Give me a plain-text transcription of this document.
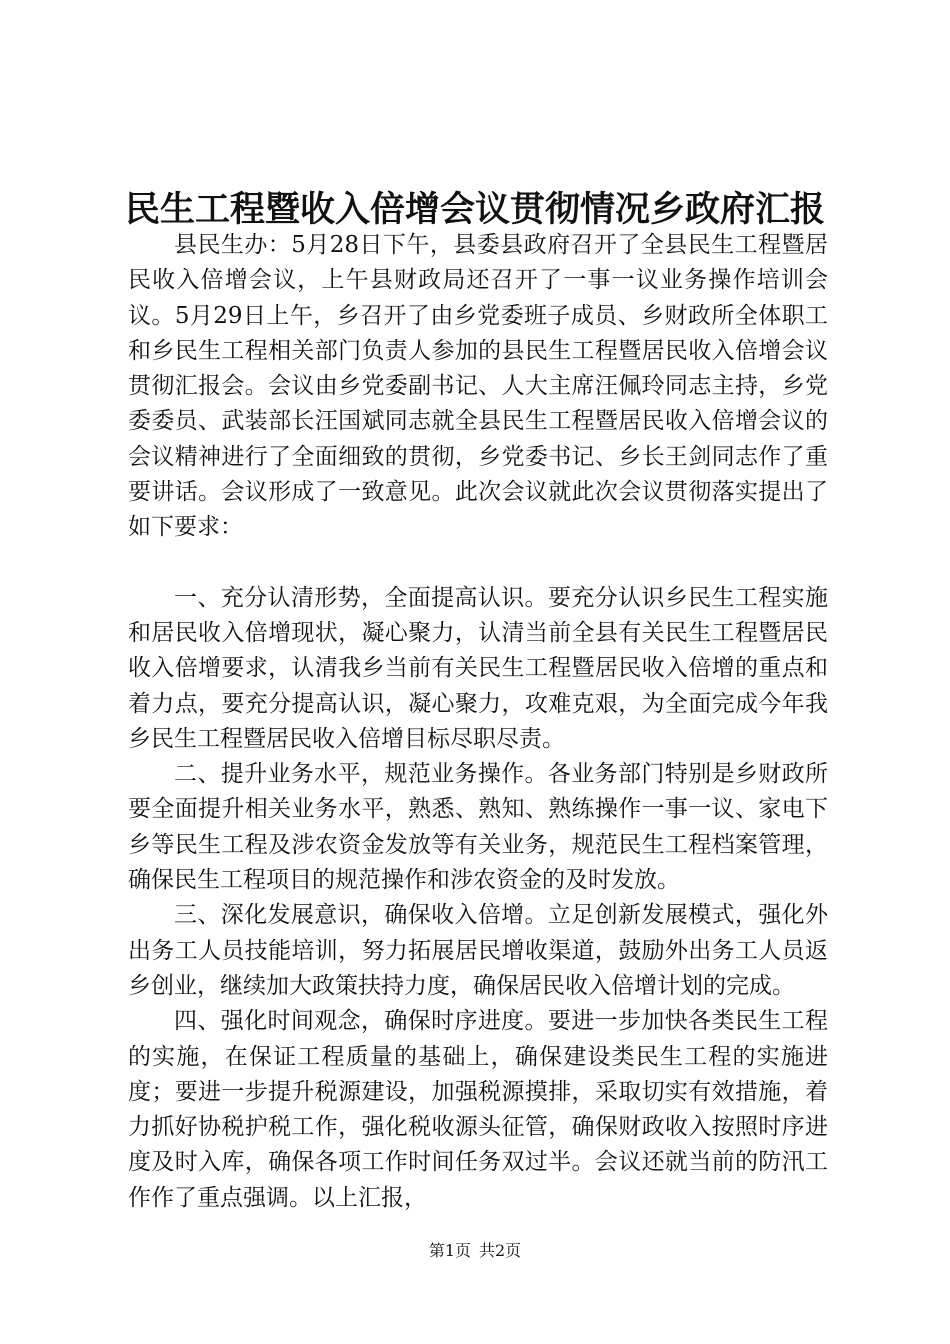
民生工程暨收入倍增会议贯彻情况乡政府汇报

县民生办：5月28日下午，县委县政府召开了全县民生工程暨居民收入倍增会议，上午县财政局还召开了一事一议业务操作培训会议。5月29日上午，乡召开了由乡党委班子成员、乡财政所全体职工和乡民生工程相关部门负责人参加的县民生工程暨居民收入倍增会议贯彻汇报会。会议由乡党委副书记、人大主席汪佩玲同志主持，乡党委委员、武装部长汪国斌同志就全县民生工程暨居民收入倍增会议的会议精神进行了全面细致的贯彻，乡党委书记、乡长王剑同志作了重要讲话。会议形成了一致意见。此次会议就此次会议贯彻落实提出了如下要求：

一、充分认清形势，全面提高认识。要充分认识乡民生工程实施和居民收入倍增现状，凝心聚力，认清当前全县有关民生工程暨居民收入倍增要求，认清我乡当前有关民生工程暨居民收入倍增的重点和着力点，要充分提高认识，凝心聚力，攻难克艰，为全面完成今年我乡民生工程暨居民收入倍增目标尽职尽责。

二、提升业务水平，规范业务操作。各业务部门特别是乡财政所要全面提升相关业务水平，熟悉、熟知、熟练操作一事一议、家电下乡等民生工程及涉农资金发放等有关业务，规范民生工程档案管理，确保民生工程项目的规范操作和涉农资金的及时发放。

三、深化发展意识，确保收入倍增。立足创新发展模式，强化外出务工人员技能培训，努力拓展居民增收渠道，鼓励外出务工人员返乡创业，继续加大政策扶持力度，确保居民收入倍增计划的完成。

四、强化时间观念，确保时序进度。要进一步加快各类民生工程的实施，在保证工程质量的基础上，确保建设类民生工程的实施进度；要进一步提升税源建设，加强税源摸排，采取切实有效措施，着力抓好协税护税工作，强化税收源头征管，确保财政收入按照时序进度及时入库，确保各项工作时间任务双过半。会议还就当前的防汛工作作了重点强调。以上汇报，

第1页 共2页
